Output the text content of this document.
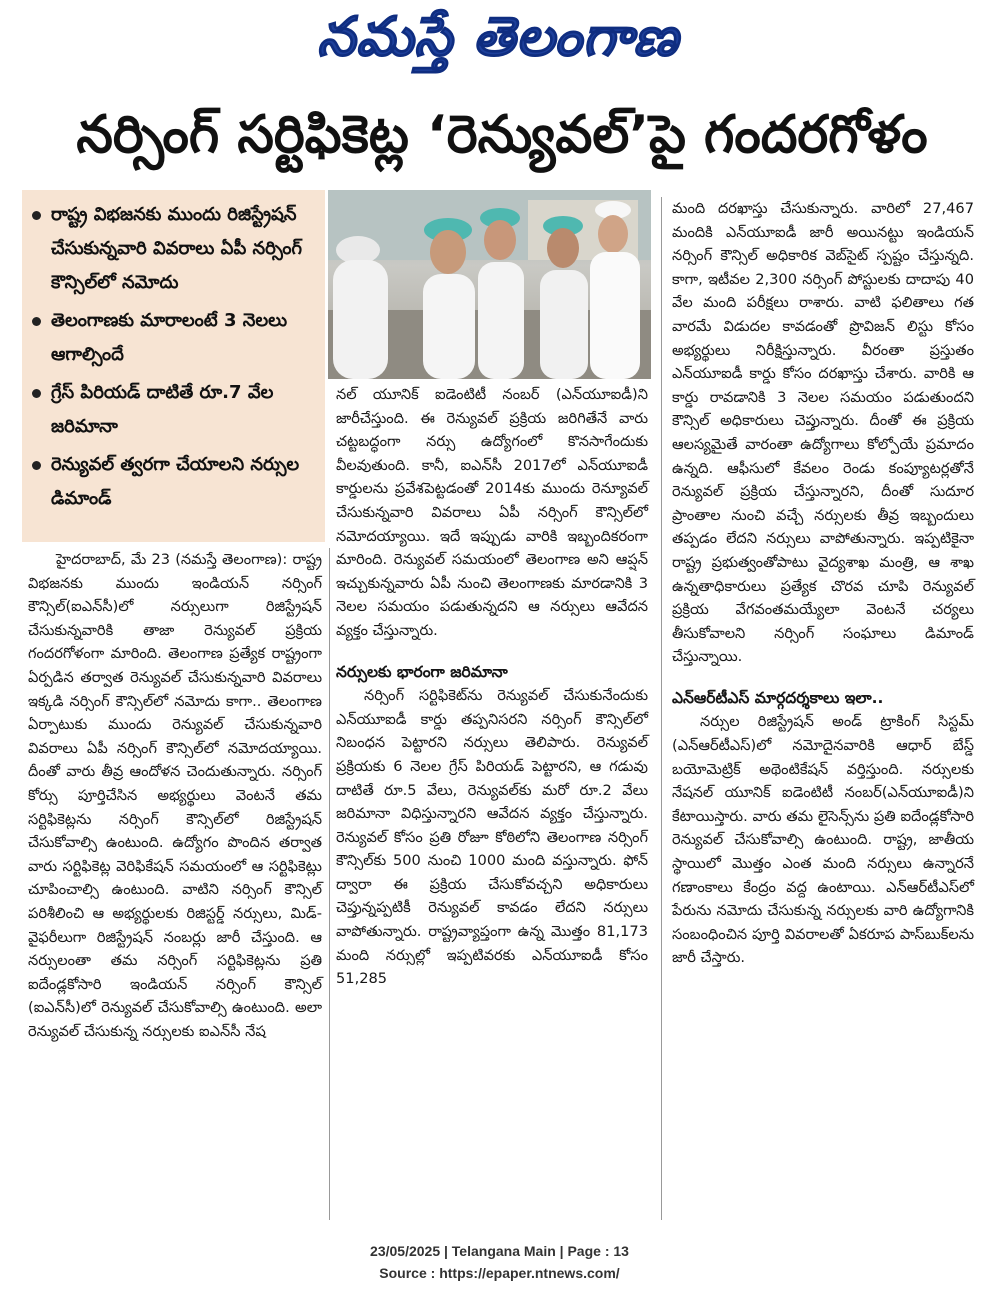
నమస్తే తెలంగాణ
నర్సింగ్ సర్టిఫికెట్ల ‘రెన్యువల్’పై గందరగోళం
రాష్ట్ర విభజనకు ముందు రిజిస్ట్రేషన్ చేసుకున్నవారి వివరాలు ఏపీ నర్సింగ్ కౌన్సిల్‌లో నమోదు
తెలంగాణకు మారాలంటే 3 నెలలు ఆగాల్సిందే
గ్రేస్ పిరియడ్ దాటితే రూ.7 వేల జరిమానా
రెన్యువల్ త్వరగా చేయాలని నర్సుల డిమాండ్

హైదరాబాద్, మే 23 (నమస్తే తెలంగాణ): రాష్ట్ర విభజనకు ముందు ఇండియన్ నర్సింగ్ కౌన్సిల్(ఐఎన్‌సీ)లో నర్సులుగా రిజిస్ట్రేషన్ చేసుకున్నవారికి తాజా రెన్యువల్ ప్రక్రియ గందరగోళంగా మారింది. తెలంగాణ ప్రత్యేక రాష్ట్రంగా ఏర్పడిన తర్వాత రెన్యువల్ చేసుకున్నవారి వివరాలు ఇక్కడి నర్సింగ్ కౌన్సిల్‌లో నమోదు కాగా.. తెలంగాణ ఏర్పాటుకు ముందు రెన్యువల్ చేసుకున్నవారి వివరాలు ఏపీ నర్సింగ్ కౌన్సిల్‌లో నమోదయ్యాయి. దీంతో వారు తీవ్ర ఆందోళన చెందుతున్నారు. నర్సింగ్ కోర్సు పూర్తిచేసిన అభ్యర్థులు వెంటనే తమ సర్టిఫికెట్లను నర్సింగ్ కౌన్సిల్‌లో రిజిస్ట్రేషన్ చేసుకోవాల్సి ఉంటుంది. ఉద్యోగం పొందిన తర్వాత వారు సర్టిఫికెట్ల వెరిఫికేషన్ సమయంలో ఆ సర్టిఫికెట్లు చూపించాల్సి ఉంటుంది. వాటిని నర్సింగ్ కౌన్సిల్ పరిశీలించి ఆ అభ్యర్థులకు రిజిస్టర్డ్ నర్సులు, మిడ్-వైఫరీలుగా రిజిస్ట్రేషన్ నంబర్లు జారీ చేస్తుంది. ఆ నర్సులంతా తమ నర్సింగ్ సర్టిఫికెట్లను ప్రతి ఐదేండ్లకోసారి ఇండియన్ నర్సింగ్ కౌన్సిల్ (ఐఎన్‌సీ)లో రెన్యువల్ చేసుకోవాల్సి ఉంటుంది. అలా రెన్యువల్ చేసుకున్న నర్సులకు ఐఎన్‌సీ నేష

నల్ యూనిక్ ఐడెంటిటీ నంబర్ (ఎన్‌యూఐడీ)ని జారీచేస్తుంది. ఈ రెన్యువల్ ప్రక్రియ జరిగితేనే వారు చట్టబద్ధంగా నర్సు ఉద్యోగంలో కొనసాగేందుకు వీలవుతుంది. కానీ, ఐఎన్‌సీ 2017లో ఎన్‌యూఐడీ కార్డులను ప్రవేశపెట్టడంతో 2014కు ముందు రెన్యూవల్ చేసుకున్నవారి వివరాలు ఏపీ నర్సింగ్ కౌన్సిల్‌లో నమోదయ్యాయి. ఇదే ఇప్పుడు వారికి ఇబ్బందికరంగా మారింది. రెన్యువల్ సమయంలో తెలంగాణ అని ఆప్షన్ ఇచ్చుకున్నవారు ఏపీ నుంచి తెలంగాణకు మారడానికి 3 నెలల సమయం పడుతున్నదని ఆ నర్సులు ఆవేదన వ్యక్తం చేస్తున్నారు.

నర్సులకు భారంగా జరిమానా

నర్సింగ్ సర్టిఫికెట్‌ను రెన్యువల్ చేసుకునేందుకు ఎన్‌యూఐడీ కార్డు తప్పనిసరని నర్సింగ్ కౌన్సిల్‌లో నిబంధన పెట్టారని నర్సులు తెలిపారు. రెన్యువల్ ప్రక్రియకు 6 నెలల గ్రేస్ పిరియడ్ పెట్టారని, ఆ గడువు దాటితే రూ.5 వేలు, రెన్యువల్‌కు మరో రూ.2 వేలు జరిమానా విధిస్తున్నారని ఆవేదన వ్యక్తం చేస్తున్నారు. రెన్యువల్ కోసం ప్రతి రోజూ కోఠిలోని తెలంగాణ నర్సింగ్ కౌన్సిల్‌కు 500 నుంచి 1000 మంది వస్తున్నారు. ఫోన్ ద్వారా ఈ ప్రక్రియ చేసుకోవచ్చని అధికారులు చెప్తున్నప్పటికీ రెన్యువల్ కావడం లేదని నర్సులు వాపోతున్నారు. రాష్ట్రవ్యాప్తంగా ఉన్న మొత్తం 81,173 మంది నర్సుల్లో ఇప్పటివరకు ఎన్‌యూఐడీ కోసం 51,285

మంది దరఖాస్తు చేసుకున్నారు. వారిలో 27,467 మందికి ఎన్‌యూఐడీ జారీ అయినట్టు ఇండియన్ నర్సింగ్ కౌన్సిల్ అధికారిక వెబ్‌సైట్ స్పష్టం చేస్తున్నది. కాగా, ఇటీవల 2,300 నర్సింగ్ పోస్టులకు దాదాపు 40 వేల మంది పరీక్షలు రాశారు. వాటి ఫలితాలు గత వారమే విడుదల కావడంతో ప్రొవిజన్ లిస్టు కోసం అభ్యర్థులు నిరీక్షిస్తున్నారు. వీరంతా ప్రస్తుతం ఎన్‌యూఐడీ కార్డు కోసం దరఖాస్తు చేశారు. వారికి ఆ కార్డు రావడానికి 3 నెలల సమయం పడుతుందని కౌన్సిల్ అధికారులు చెప్తున్నారు. దీంతో ఈ ప్రక్రియ ఆలస్యమైతే వారంతా ఉద్యోగాలు కోల్పోయే ప్రమాదం ఉన్నది. ఆఫీసులో కేవలం రెండు కంప్యూటర్లతోనే రెన్యువల్ ప్రక్రియ చేస్తున్నారని, దీంతో సుదూర ప్రాంతాల నుంచి వచ్చే నర్సులకు తీవ్ర ఇబ్బందులు తప్పడం లేదని నర్సులు వాపోతున్నారు. ఇప్పటికైనా రాష్ట్ర ప్రభుత్వంతోపాటు వైద్యశాఖ మంత్రి, ఆ శాఖ ఉన్నతాధికారులు ప్రత్యేక చొరవ చూపి రెన్యువల్ ప్రక్రియ వేగవంతమయ్యేలా వెంటనే చర్యలు తీసుకోవాలని నర్సింగ్ సంఘాలు డిమాండ్ చేస్తున్నాయి.

ఎన్ఆర్‌టీఎస్ మార్గదర్శకాలు ఇలా..

నర్సుల రిజిస్ట్రేషన్ అండ్ ట్రాకింగ్ సిస్టమ్ (ఎన్ఆర్‌టీఎస్)లో నమోదైనవారికి ఆధార్ బేస్డ్ బయోమెట్రిక్ అథెంటికేషన్ వర్తిస్తుంది. నర్సులకు నేషనల్ యూనిక్ ఐడెంటిటీ నంబర్(ఎన్‌యూఐడీ)ని కేటాయిస్తారు. వారు తమ లైసెన్స్‌ను ప్రతి ఐదేండ్లకోసారి రెన్యువల్ చేసుకోవాల్సి ఉంటుంది. రాష్ట్ర, జాతీయ స్థాయిలో మొత్తం ఎంత మంది నర్సులు ఉన్నారనే గణాంకాలు కేంద్రం వద్ద ఉంటాయి. ఎన్ఆర్‌టీఎస్‌లో పేరును నమోదు చేసుకున్న నర్సులకు వారి ఉద్యోగానికి సంబంధించిన పూర్తి వివరాలతో ఏకరూప పాస్‌బుక్‌లను జారీ చేస్తారు.

23/05/2025 | Telangana Main | Page : 13
Source : https://epaper.ntnews.com/
